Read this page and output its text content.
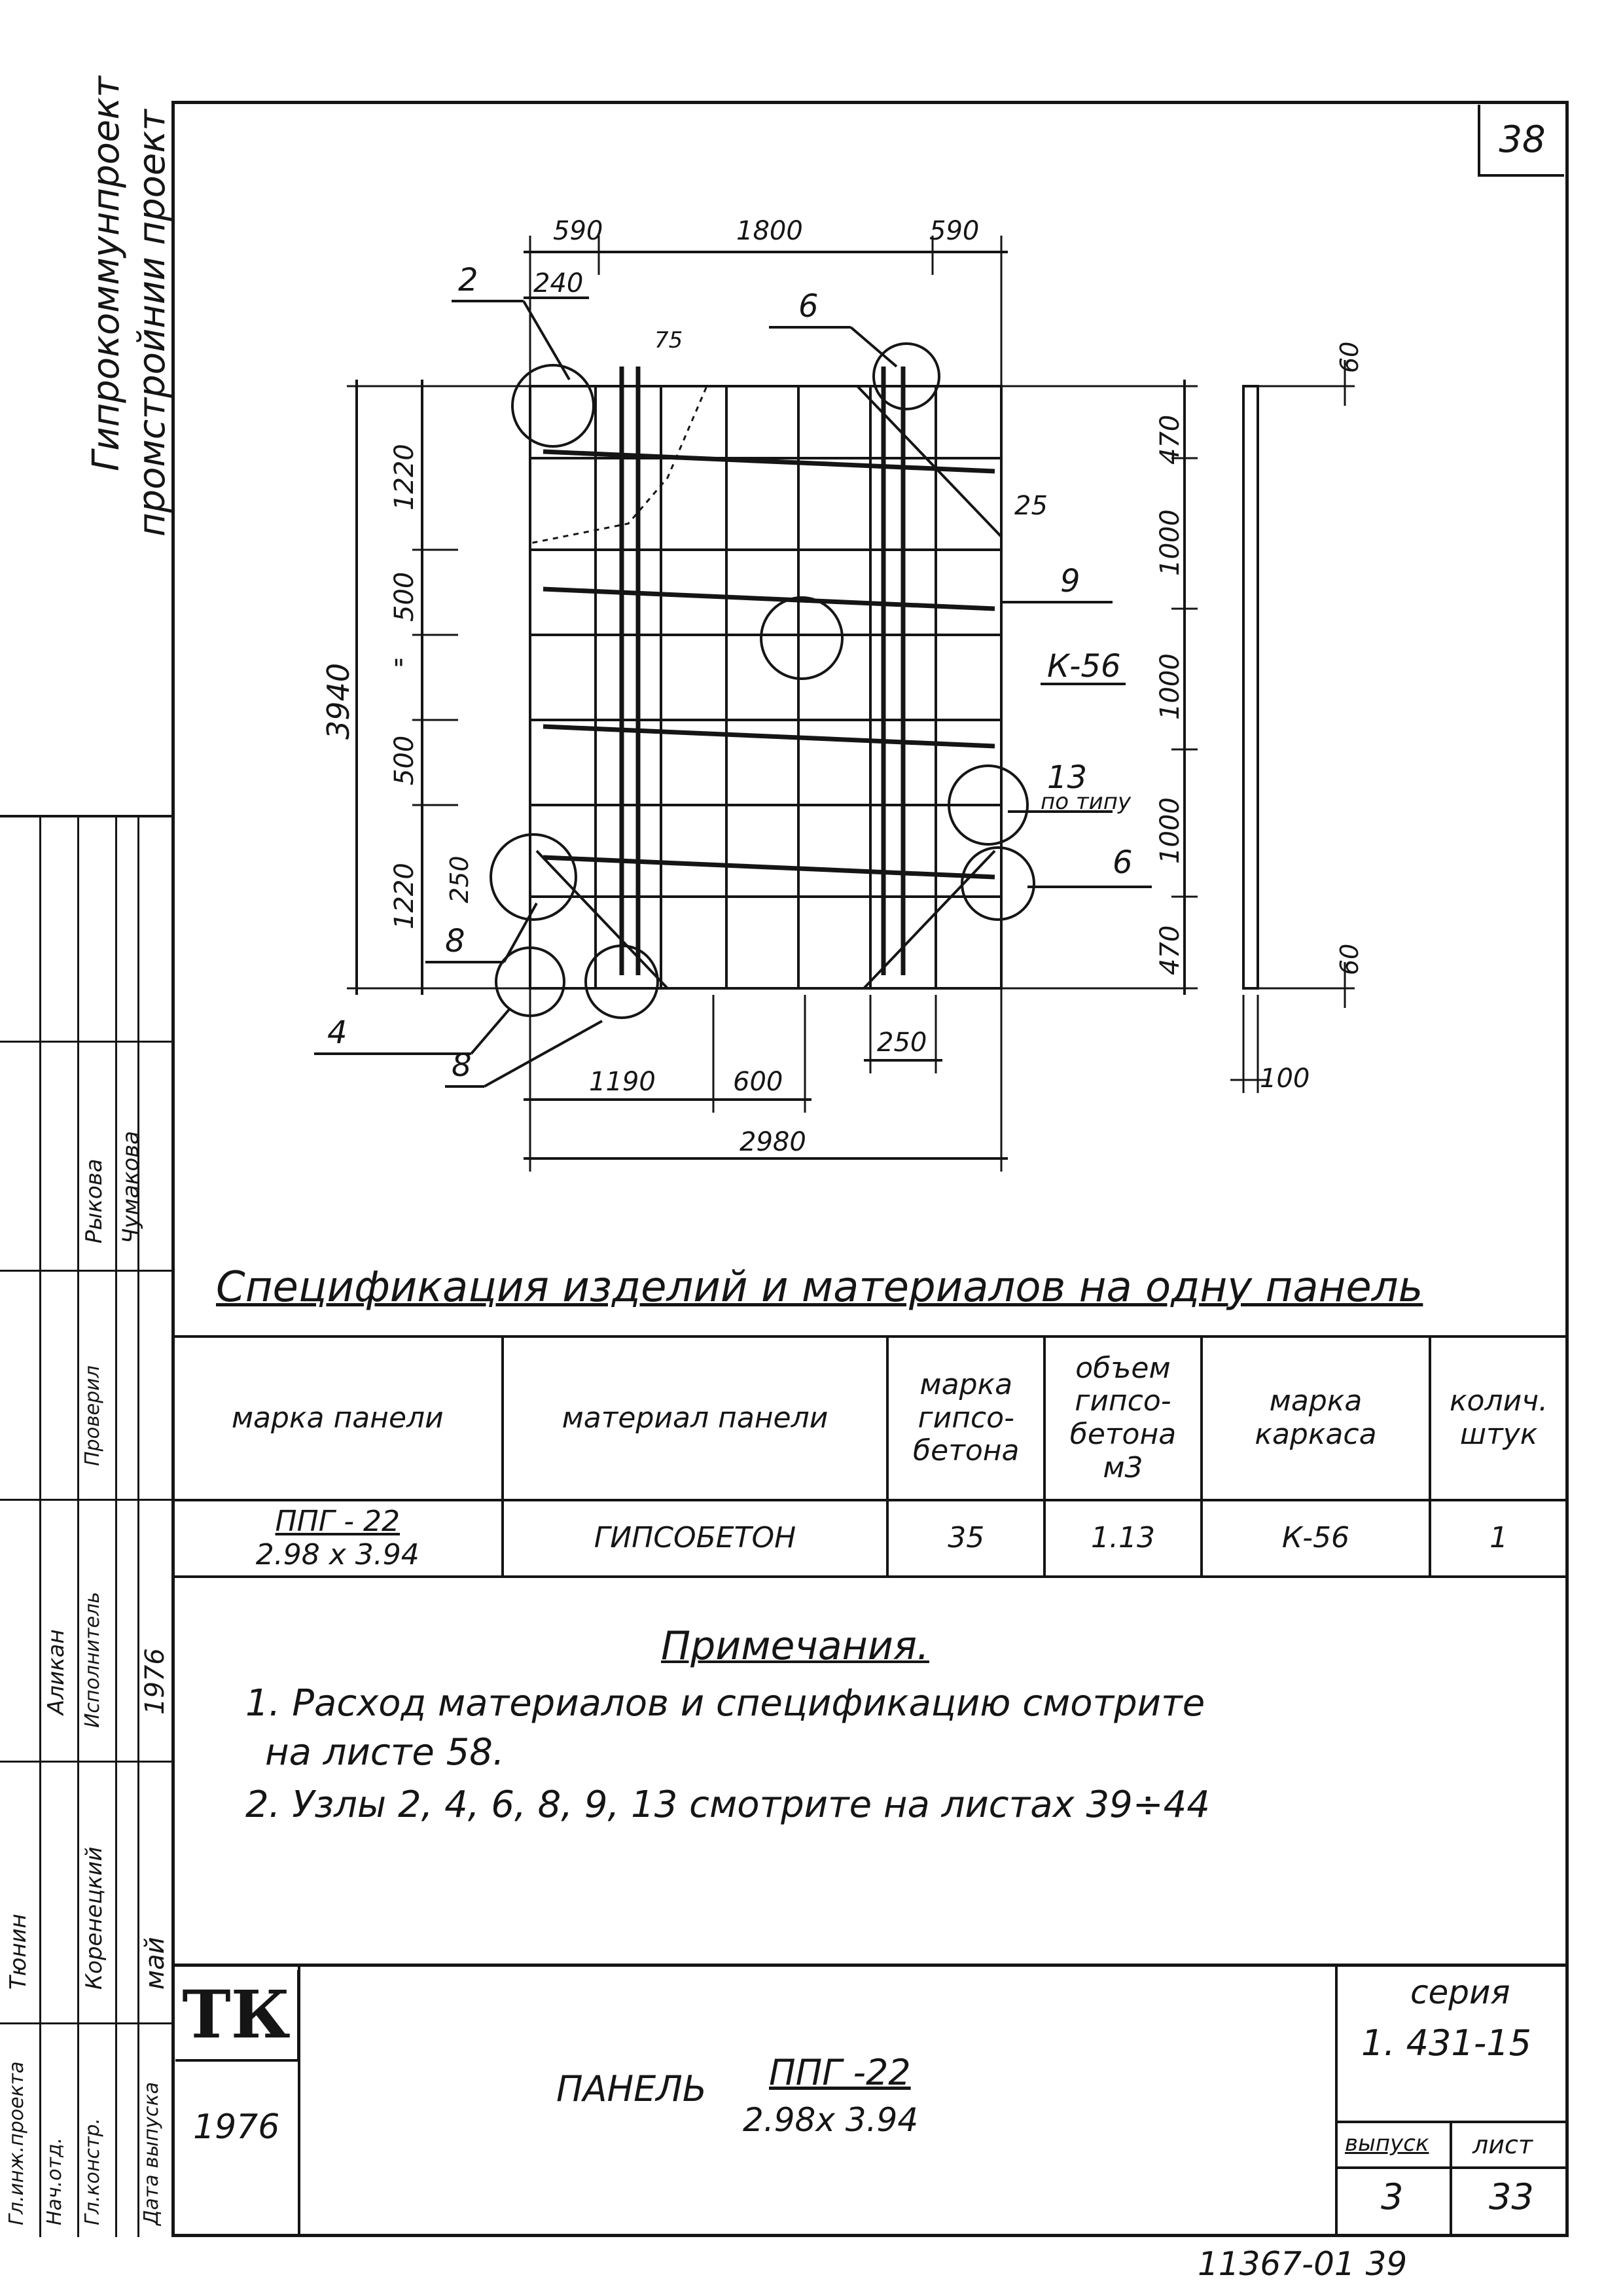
38
Гипрокоммунпроект промстройнии проект
Гл.инж.проекта Нач.отд. Гл.констр. Дата выпуска
Исполнитель
Проверил
Тюнин
Аликан
Коренецкий
Рыкова Чумакова
1976
май
590	1800	590
240
75
3940
1220
500
"
500
1220 250
470
1000
1000
1000
470
25
1190	600
250
2980
2
6
9
К-56
13
по типу
6
8
4
8
60
60
100
Спецификация изделий и материалов на одну панель
марка панели	материал панели	марка гипсо-бетона	объем гипсо-бетона м3	марка каркаса	колич. штук

ППГ - 22
2.98 х 3.94	ГИПСОБЕТОН	35	1.13	К-56	1
Примечания.
1. Расход материалов и спецификацию смотрите
на листе 58.
2. Узлы 2, 4, 6, 8, 9, 13 смотрите на листах 39÷44
ТК
1976
ПАНЕЛЬ ППГ -22
2.98х 3.94
серия
1. 431-15
выпуск лист
3 33
11367-01 39
